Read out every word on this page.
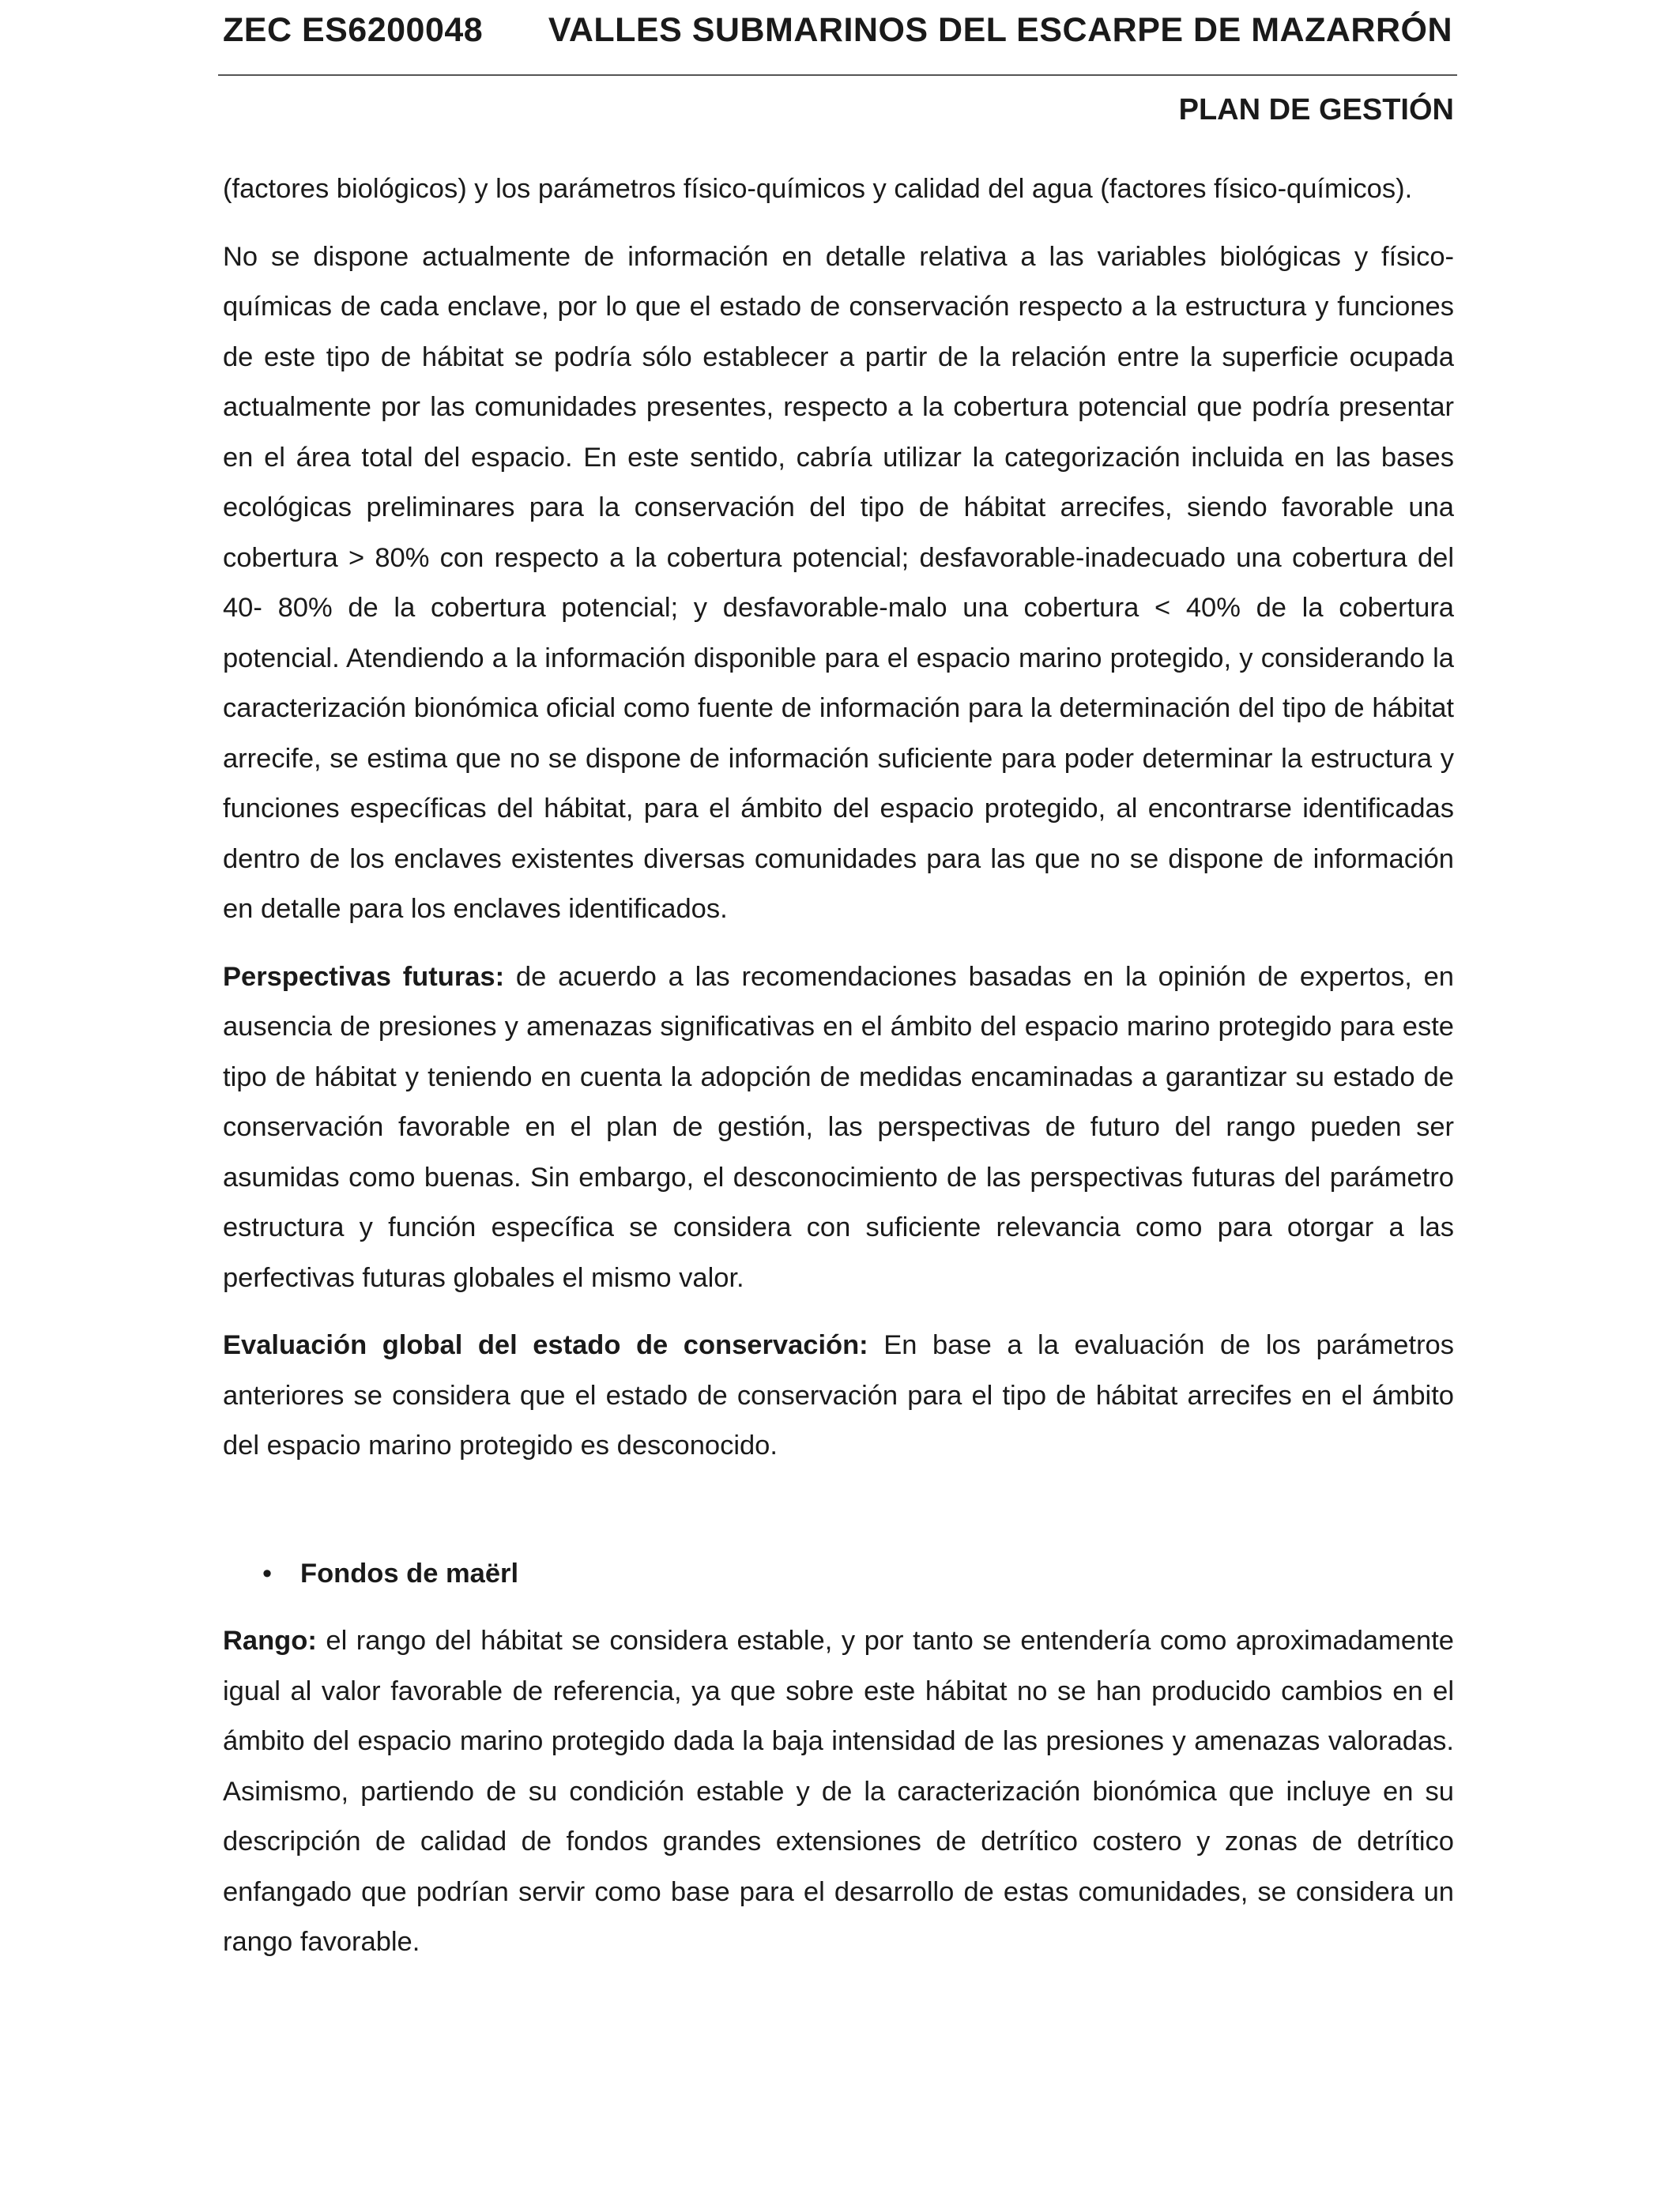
ZEC ES6200048 VALLES SUBMARINOS DEL ESCARPE DE MAZARRÓN
PLAN DE GESTIÓN

(factores biológicos) y los parámetros físico-químicos y calidad del agua (factores físico-químicos).

No se dispone actualmente de información en detalle relativa a las variables biológicas y físico-químicas de cada enclave, por lo que el estado de conservación respecto a la estructura y funciones de este tipo de hábitat se podría sólo establecer a partir de la relación entre la superficie ocupada actualmente por las comunidades presentes, respecto a la cobertura potencial que podría presentar en el área total del espacio. En este sentido, cabría utilizar la categorización incluida en las bases ecológicas preliminares para la conservación del tipo de hábitat arrecifes, siendo favorable una cobertura > 80% con respecto a la cobertura potencial; desfavorable-inadecuado una cobertura del 40- 80% de la cobertura potencial; y desfavorable-malo una cobertura < 40% de la cobertura potencial. Atendiendo a la información disponible para el espacio marino protegido, y considerando la caracterización bionómica oficial como fuente de información para la determinación del tipo de hábitat arrecife, se estima que no se dispone de información suficiente para poder determinar la estructura y funciones específicas del hábitat, para el ámbito del espacio protegido, al encontrarse identificadas dentro de los enclaves existentes diversas comunidades para las que no se dispone de información en detalle para los enclaves identificados.

Perspectivas futuras: de acuerdo a las recomendaciones basadas en la opinión de expertos, en ausencia de presiones y amenazas significativas en el ámbito del espacio marino protegido para este tipo de hábitat y teniendo en cuenta la adopción de medidas encaminadas a garantizar su estado de conservación favorable en el plan de gestión, las perspectivas de futuro del rango pueden ser asumidas como buenas. Sin embargo, el desconocimiento de las perspectivas futuras del parámetro estructura y función específica se considera con suficiente relevancia como para otorgar a las perfectivas futuras globales el mismo valor.

Evaluación global del estado de conservación: En base a la evaluación de los parámetros anteriores se considera que el estado de conservación para el tipo de hábitat arrecifes en el ámbito del espacio marino protegido es desconocido.

• Fondos de maërl

Rango: el rango del hábitat se considera estable, y por tanto se entendería como aproximadamente igual al valor favorable de referencia, ya que sobre este hábitat no se han producido cambios en el ámbito del espacio marino protegido dada la baja intensidad de las presiones y amenazas valoradas. Asimismo, partiendo de su condición estable y de la caracterización bionómica que incluye en su descripción de calidad de fondos grandes extensiones de detrítico costero y zonas de detrítico enfangado que podrían servir como base para el desarrollo de estas comunidades, se considera un rango favorable.
